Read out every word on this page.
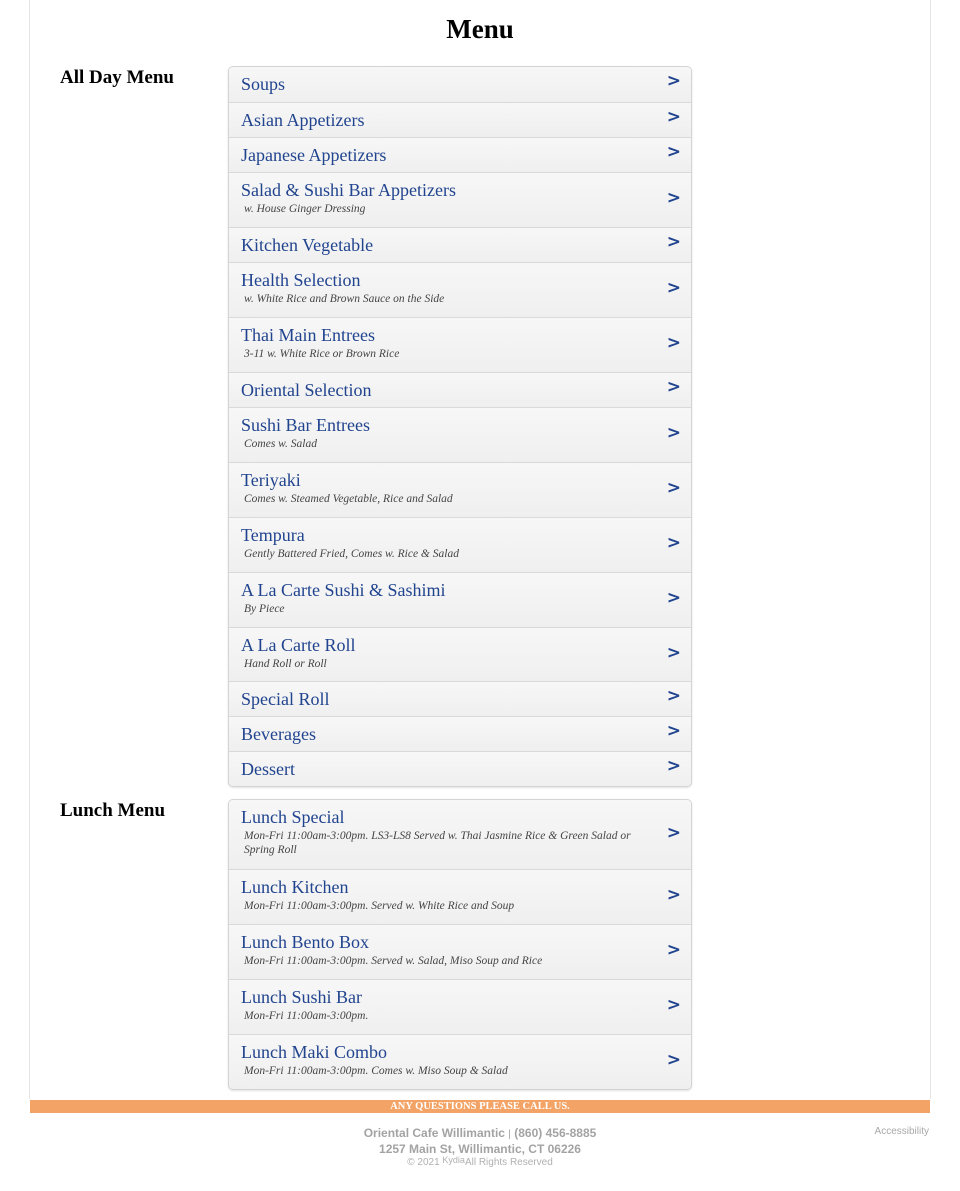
Menu
All Day Menu	Soups	>
Asian Appetizers	>
Japanese Appetizers	>
Salad & Sushi Bar Appetizers
w. House Ginger Dressing
>
Kitchen Vegetable	>
Health Selection
w. White Rice and Brown Sauce on the Side
>
Thai Main Entrees
3-11 w. White Rice or Brown Rice
>
Oriental Selection	>
Sushi Bar Entrees
Comes w. Salad
>
Teriyaki
Comes w. Steamed Vegetable, Rice and Salad
>
Tempura
Gently Battered Fried, Comes w. Rice & Salad
>
A La Carte Sushi & Sashimi
By Piece
>
A La Carte Roll
Hand Roll or Roll
>
Special Roll	>
Beverages	>
Dessert	>
Lunch Menu	Lunch Special
Mon-Fri 11:00am-3:00pm. LS3-LS8 Served w. Thai Jasmine Rice & Green Salad or Spring Roll
>
Lunch Kitchen
Mon-Fri 11:00am-3:00pm. Served w. White Rice and Soup
>
Lunch Bento Box
Mon-Fri 11:00am-3:00pm. Served w. Salad, Miso Soup and Rice
>
Lunch Sushi Bar
Mon-Fri 11:00am-3:00pm.
>
Lunch Maki Combo
Mon-Fri 11:00am-3:00pm. Comes w. Miso Soup & Salad
>
ANY QUESTIONS PLEASE CALL US.
Oriental Cafe Willimantic | (860) 456-8885
1257 Main St, Willimantic, CT 06226
© 2021 KydiaAll Rights Reserved
Accessibility
